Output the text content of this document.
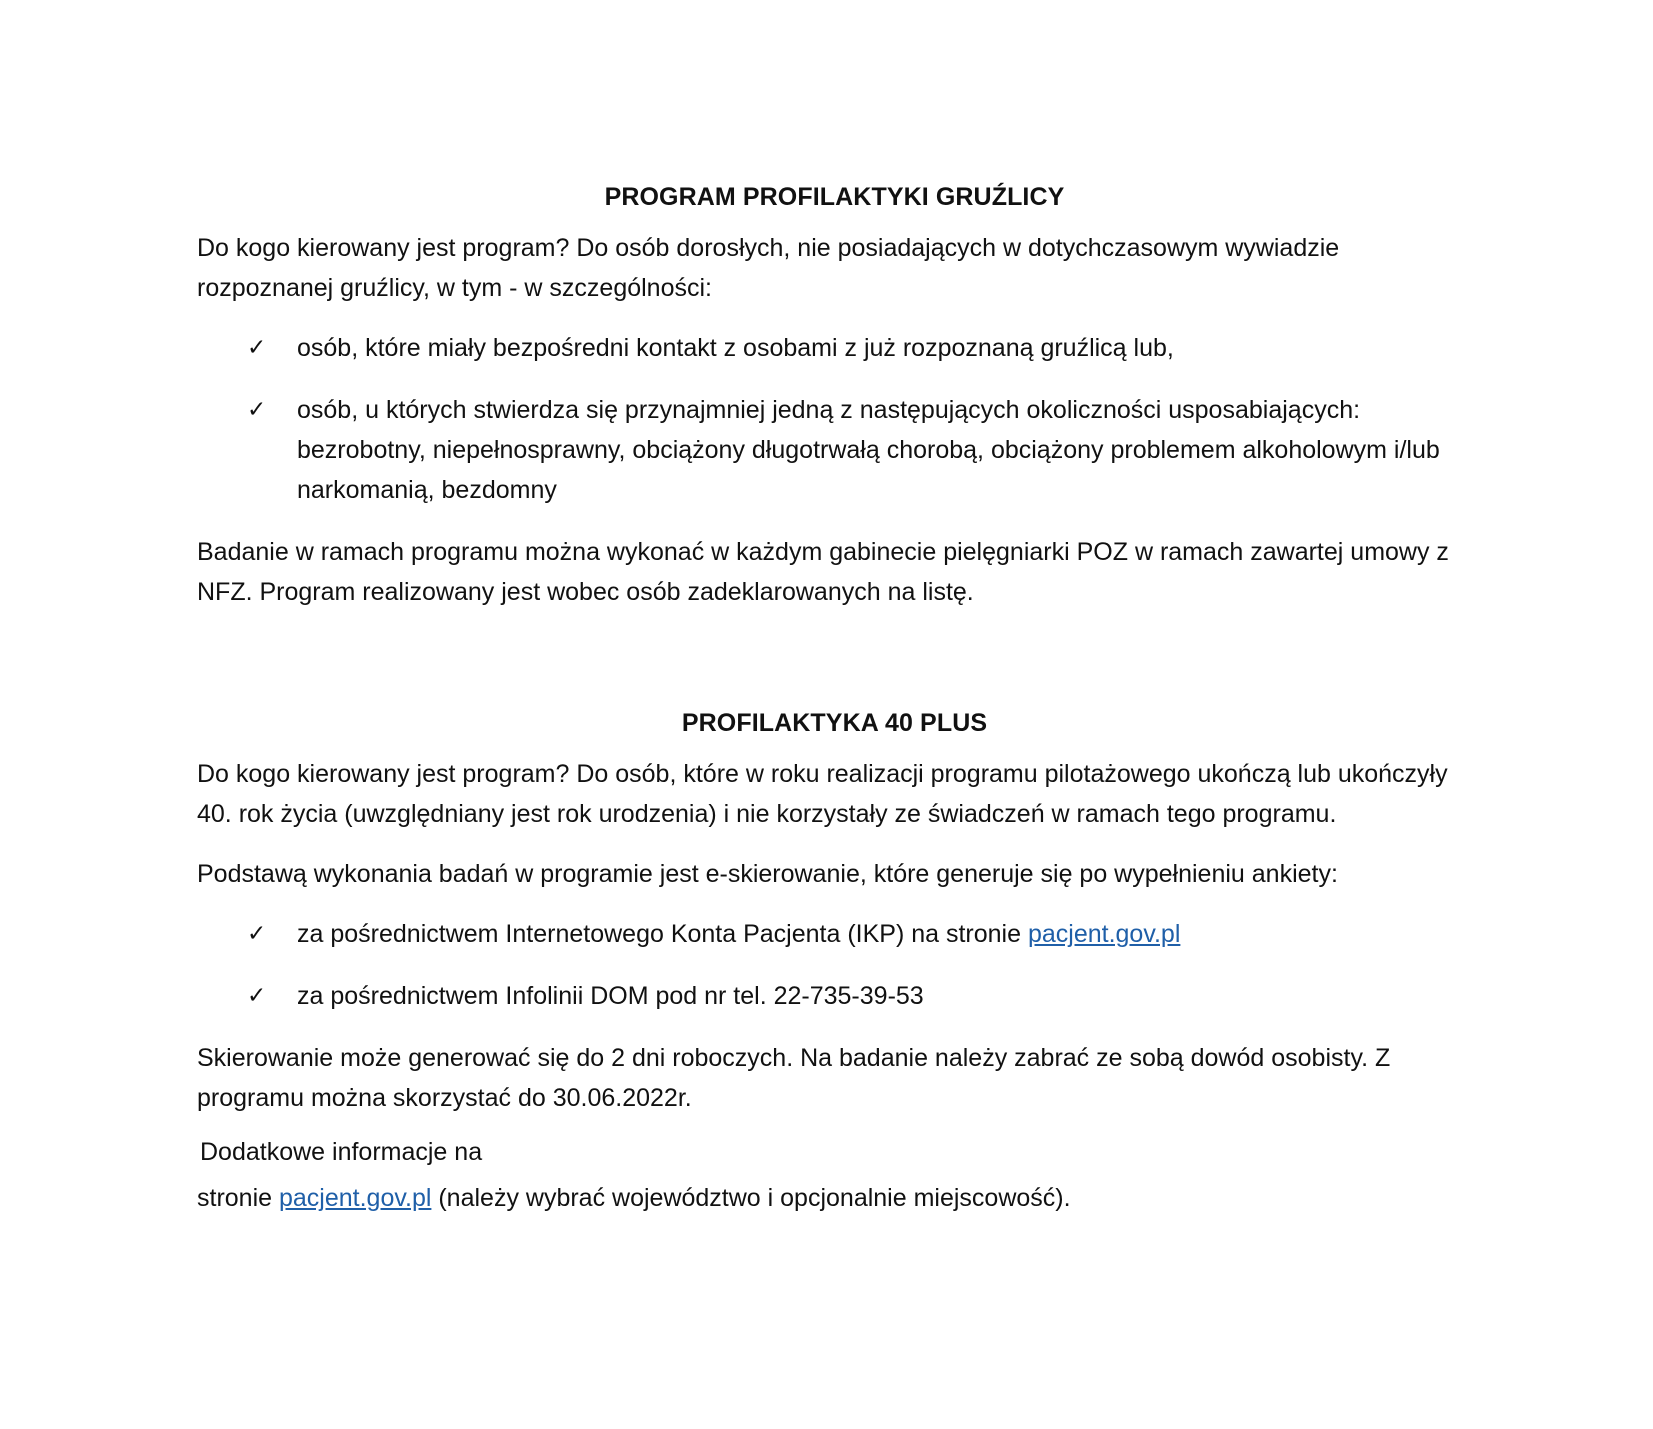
PROGRAM PROFILAKTYKI GRUŹLICY

Do kogo kierowany jest program? Do osób dorosłych, nie posiadających w dotychczasowym wywiadzie rozpoznanej gruźlicy, w tym - w szczególności:

✓ osób, które miały bezpośredni kontakt z osobami z już rozpoznaną gruźlicą lub,
✓ osób, u których stwierdza się przynajmniej jedną z następujących okoliczności usposabiających: bezrobotny, niepełnosprawny, obciążony długotrwałą chorobą, obciążony problemem alkoholowym i/lub narkomanią, bezdomny

Badanie w ramach programu można wykonać w każdym gabinecie pielęgniarki POZ w ramach zawartej umowy z NFZ. Program realizowany jest wobec osób zadeklarowanych na listę.

PROFILAKTYKA 40 PLUS

Do kogo kierowany jest program? Do osób, które w roku realizacji programu pilotażowego ukończą lub ukończyły 40. rok życia (uwzględniany jest rok urodzenia) i nie korzystały ze świadczeń w ramach tego programu.

Podstawą wykonania badań w programie jest e-skierowanie, które generuje się po wypełnieniu ankiety:

✓ za pośrednictwem Internetowego Konta Pacjenta (IKP) na stronie pacjent.gov.pl
✓ za pośrednictwem Infolinii DOM pod nr tel. 22-735-39-53

Skierowanie może generować się do 2 dni roboczych. Na badanie należy zabrać ze sobą dowód osobisty. Z programu można skorzystać do 30.06.2022r.

Dodatkowe informacje na

stronie pacjent.gov.pl (należy wybrać województwo i opcjonalnie miejscowość).
